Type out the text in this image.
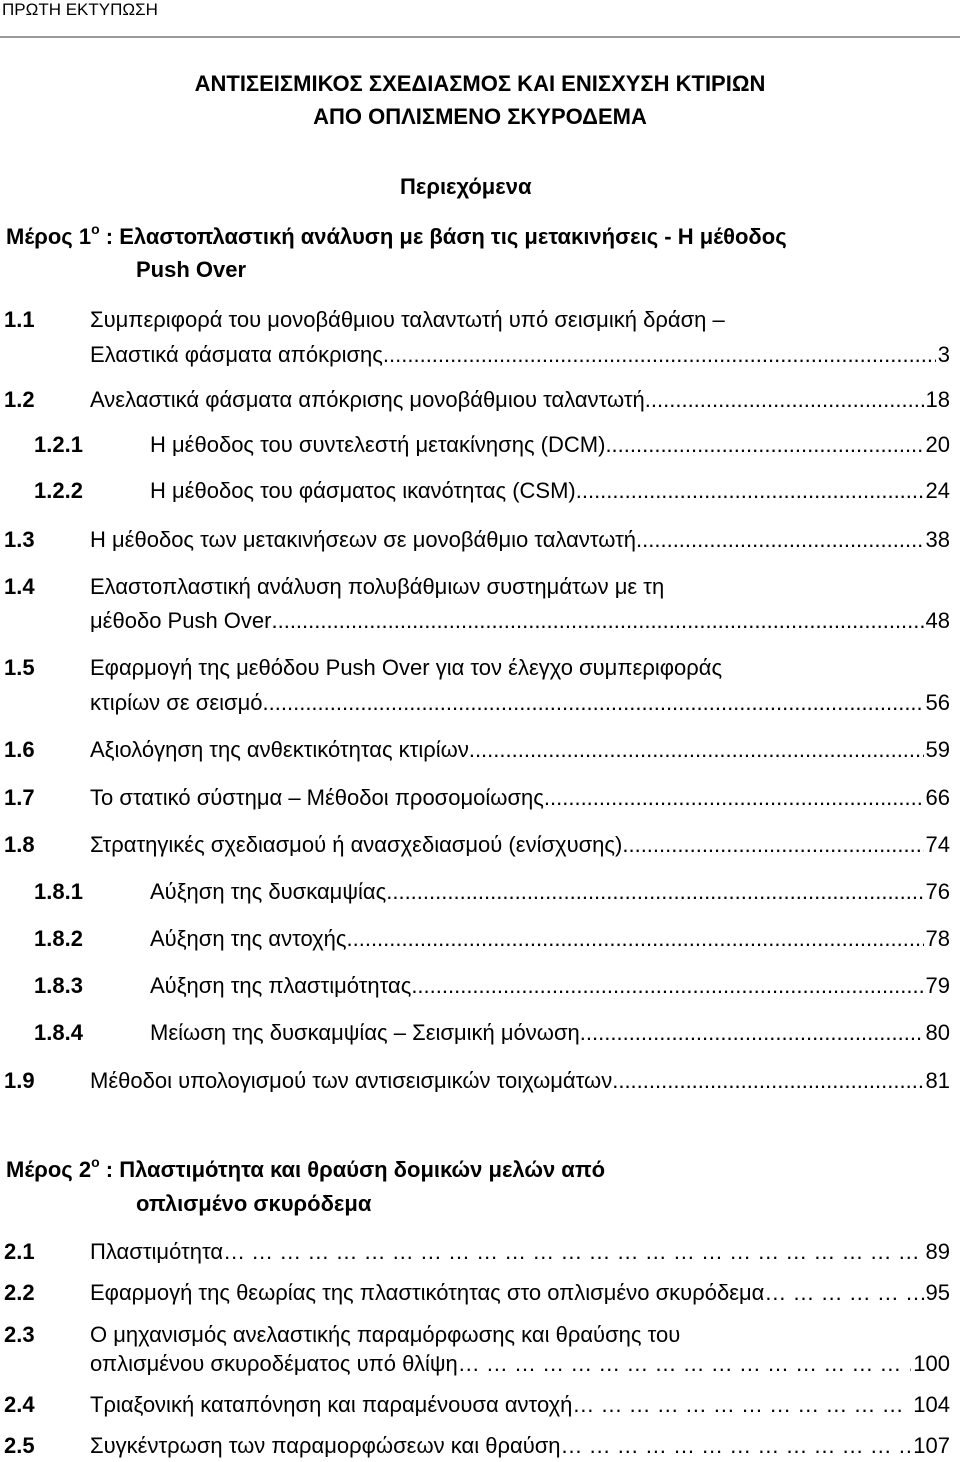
ΠΡΩΤΗ ΕΚΤΥΠΩΣΗ
ΑΝΤΙΣΕΙΣΜΙΚΟΣ ΣΧΕΔΙΑΣΜΟΣ ΚΑΙ ΕΝΙΣΧΥΣΗ ΚΤΙΡΙΩΝ
ΑΠΟ ΟΠΛΙΣΜΕΝΟ ΣΚΥΡΟΔΕΜΑ
Περιεχόμενα
Μέρος $1^o$ : Ελαστοπλαστική ανάλυση με βάση τις μετακινήσεις - Η μέθοδος
Push Over
1.1	Συμπεριφορά του μονοβάθμιου ταλαντωτή υπό σεισμική δράση –
Ελαστικά φάσματα απόκρισης .....	3
1.2	Ανελαστικά φάσματα απόκρισης μονοβάθμιου ταλαντωτή .....	18
1.2.1	Η μέθοδος του συντελεστή μετακίνησης (DCM) .....	20
1.2.2	Η μέθοδος του φάσματος ικανότητας (CSM) .....	24
1.3	Η μέθοδος των μετακινήσεων σε μονοβάθμιο ταλαντωτή .....	38
1.4	Ελαστοπλαστική ανάλυση πολυβάθμιων συστημάτων με τη
μέθοδο Push Over .....	48
1.5	Εφαρμογή της μεθόδου Push Over για τον έλεγχο συμπεριφοράς
κτιρίων σε σεισμό .....	56
1.6	Αξιολόγηση της ανθεκτικότητας κτιρίων .....	59
1.7	Το στατικό σύστημα – Μέθοδοι προσομοίωσης .....	66
1.8	Στρατηγικές σχεδιασμού ή ανασχεδιασμού (ενίσχυσης) .....	74
1.8.1	Αύξηση της δυσκαμψίας .....	76
1.8.2	Αύξηση της αντοχής .....	78
1.8.3	Αύξηση της πλαστιμότητας .....	79
1.8.4	Μείωση της δυσκαμψίας – Σεισμική μόνωση .....	80
1.9	Μέθοδοι υπολογισμού των αντισεισμικών τοιχωμάτων .....	81
Μέρος $2^o$ : Πλαστιμότητα και θραύση δομικών μελών από
οπλισμένο σκυρόδεμα
2.1	Πλαστιμότητα … … … … … … … … … … … … … … … … … … … … … … … … … … … … … … … … … … … … … … …	89
2.2	Εφαρμογή της θεωρίας της πλαστικότητας στο οπλισμένο σκυρόδεμα … … … … … … … … … … … … … … … … … … … … … … … … … … … … … … … … … … … … … … …	95
2.3	Ο μηχανισμός ανελαστικής παραμόρφωσης και θραύσης του
οπλισμένου σκυροδέματος υπό θλίψη … … … … … … … … … … … … … … … … … … … … … … … … … … … … … … … … … … … … … … …	100
2.4	Τριαξονική καταπόνηση και παραμένουσα αντοχή … … … … … … … … … … … … … … … … … … … … … … … … … … … … … … … … … … … … … … …	104
2.5	Συγκέντρωση των παραμορφώσεων και θραύση … … … … … … … … … … … … … … … … … … … … … … … … … … … … … … … … … … … … … … …	107
